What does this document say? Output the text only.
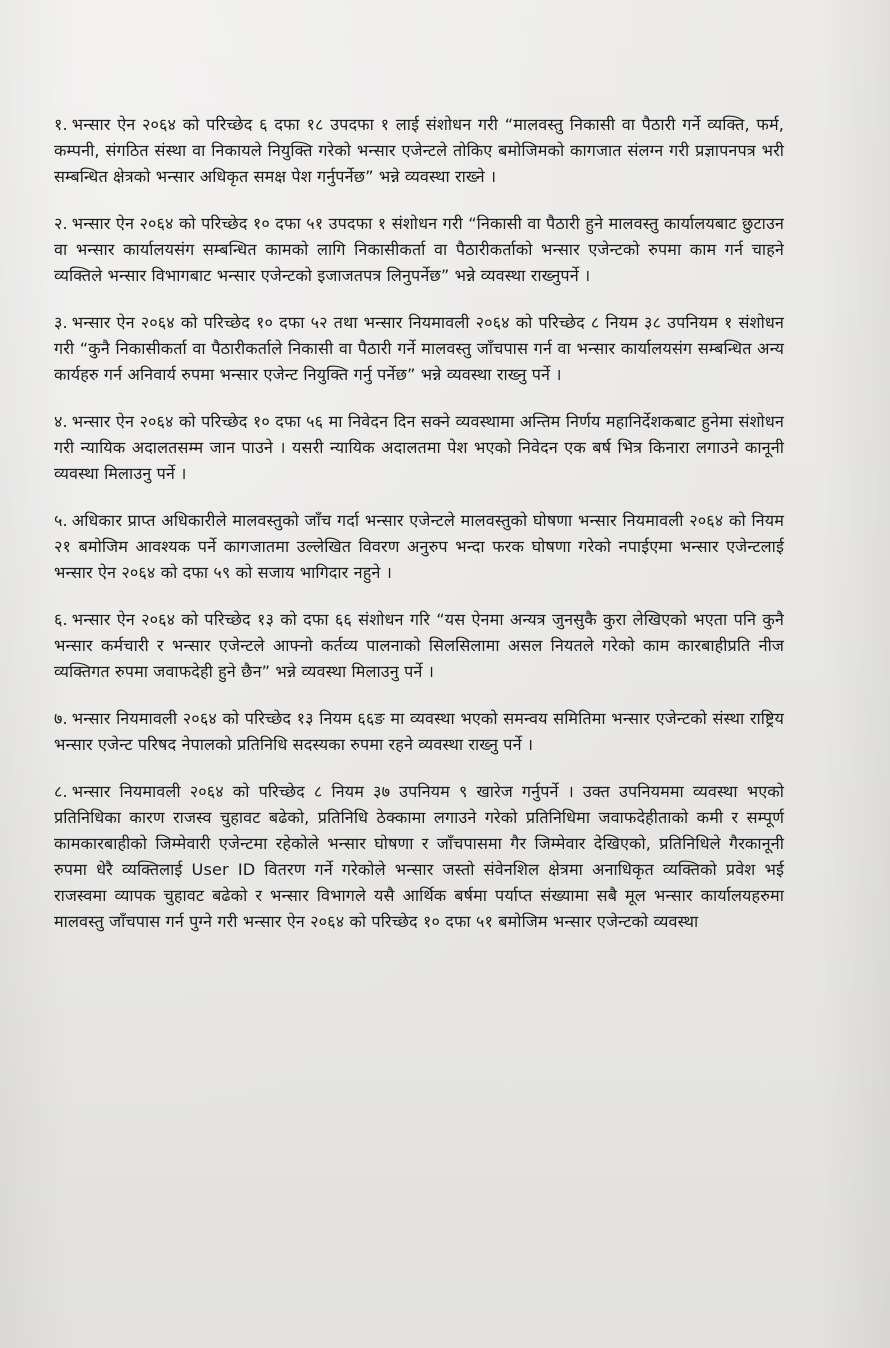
१. भन्सार ऐन २०६४ को परिच्छेद ६ दफा १८ उपदफा १ लाई संशोधन गरी “मालवस्तु निकासी वा पैठारी गर्ने व्यक्ति, फर्म, कम्पनी, संगठित संस्था वा निकायले नियुक्ति गरेको भन्सार एजेन्टले तोकिए बमोजिमको कागजात संलग्न गरी प्रज्ञापनपत्र भरी सम्बन्धित क्षेत्रको भन्सार अधिकृत समक्ष पेश गर्नुपर्नेछ” भन्ने व्यवस्था राख्ने ।

२. भन्सार ऐन २०६४ को परिच्छेद १० दफा ५१ उपदफा १ संशोधन गरी “निकासी वा पैठारी हुने मालवस्तु कार्यालयबाट छुटाउन वा भन्सार कार्यालयसंग सम्बन्धित कामको लागि निकासीकर्ता वा पैठारीकर्ताको भन्सार एजेन्टको रुपमा काम गर्न चाहने व्यक्तिले भन्सार विभागबाट भन्सार एजेन्टको इजाजतपत्र लिनुपर्नेछ” भन्ने व्यवस्था राख्नुपर्ने ।

३. भन्सार ऐन २०६४ को परिच्छेद १० दफा ५२ तथा भन्सार नियमावली २०६४ को परिच्छेद ८ नियम ३८ उपनियम १ संशोधन गरी “कुनै निकासीकर्ता वा पैठारीकर्ताले निकासी वा पैठारी गर्ने मालवस्तु जाँचपास गर्न वा भन्सार कार्यालयसंग सम्बन्धित अन्य कार्यहरु गर्न अनिवार्य रुपमा भन्सार एजेन्ट नियुक्ति गर्नु पर्नेछ” भन्ने व्यवस्था राख्नु पर्ने ।

४. भन्सार ऐन २०६४ को परिच्छेद १० दफा ५६ मा निवेदन दिन सक्ने व्यवस्थामा अन्तिम निर्णय महानिर्देशकबाट हुनेमा संशोधन गरी न्यायिक अदालतसम्म जान पाउने । यसरी न्यायिक अदालतमा पेश भएको निवेदन एक बर्ष भित्र किनारा लगाउने कानूनी व्यवस्था मिलाउनु पर्ने ।

५. अधिकार प्राप्त अधिकारीले मालवस्तुको जाँच गर्दा भन्सार एजेन्टले मालवस्तुको घोषणा भन्सार नियमावली २०६४ को नियम २१ बमोजिम आवश्यक पर्ने कागजातमा उल्लेखित विवरण अनुरुप भन्दा फरक घोषणा गरेको नपाईएमा भन्सार एजेन्टलाई भन्सार ऐन २०६४ को दफा ५९ को सजाय भागिदार नहुने ।

६. भन्सार ऐन २०६४ को परिच्छेद १३ को दफा ६६ संशोधन गरि “यस ऐनमा अन्यत्र जुनसुकै कुरा लेखिएको भएता पनि कुनै भन्सार कर्मचारी र भन्सार एजेन्टले आफ्नो कर्तव्य पालनाको सिलसिलामा असल नियतले गरेको काम कारबाहीप्रति नीज व्यक्तिगत रुपमा जवाफदेही हुने छैन” भन्ने व्यवस्था मिलाउनु पर्ने ।

७. भन्सार नियमावली २०६४ को परिच्छेद १३ नियम ६६ङ मा व्यवस्था भएको समन्वय समितिमा भन्सार एजेन्टको संस्था राष्ट्रिय भन्सार एजेन्ट परिषद नेपालको प्रतिनिधि सदस्यका रुपमा रहने व्यवस्था राख्नु पर्ने ।

८. भन्सार नियमावली २०६४ को परिच्छेद ८ नियम ३७ उपनियम ९ खारेज गर्नुपर्ने । उक्त उपनियममा व्यवस्था भएको प्रतिनिधिका कारण राजस्व चुहावट बढेको, प्रतिनिधि ठेक्कामा लगाउने गरेको प्रतिनिधिमा जवाफदेहीताको कमी र सम्पूर्ण कामकारबाहीको जिम्मेवारी एजेन्टमा रहेकोले भन्सार घोषणा र जाँचपासमा गैर जिम्मेवार देखिएको, प्रतिनिधिले गैरकानूनी रुपमा धेरै व्यक्तिलाई User ID वितरण गर्ने गरेकोले भन्सार जस्तो संवेनशिल क्षेत्रमा अनाधिकृत व्यक्तिको प्रवेश भई राजस्वमा व्यापक चुहावट बढेको र भन्सार विभागले यसै आर्थिक बर्षमा पर्याप्त संख्यामा सबै मूल भन्सार कार्यालयहरुमा मालवस्तु जाँचपास गर्न पुग्ने गरी भन्सार ऐन २०६४ को परिच्छेद १० दफा ५१ बमोजिम भन्सार एजेन्टको व्यवस्था
